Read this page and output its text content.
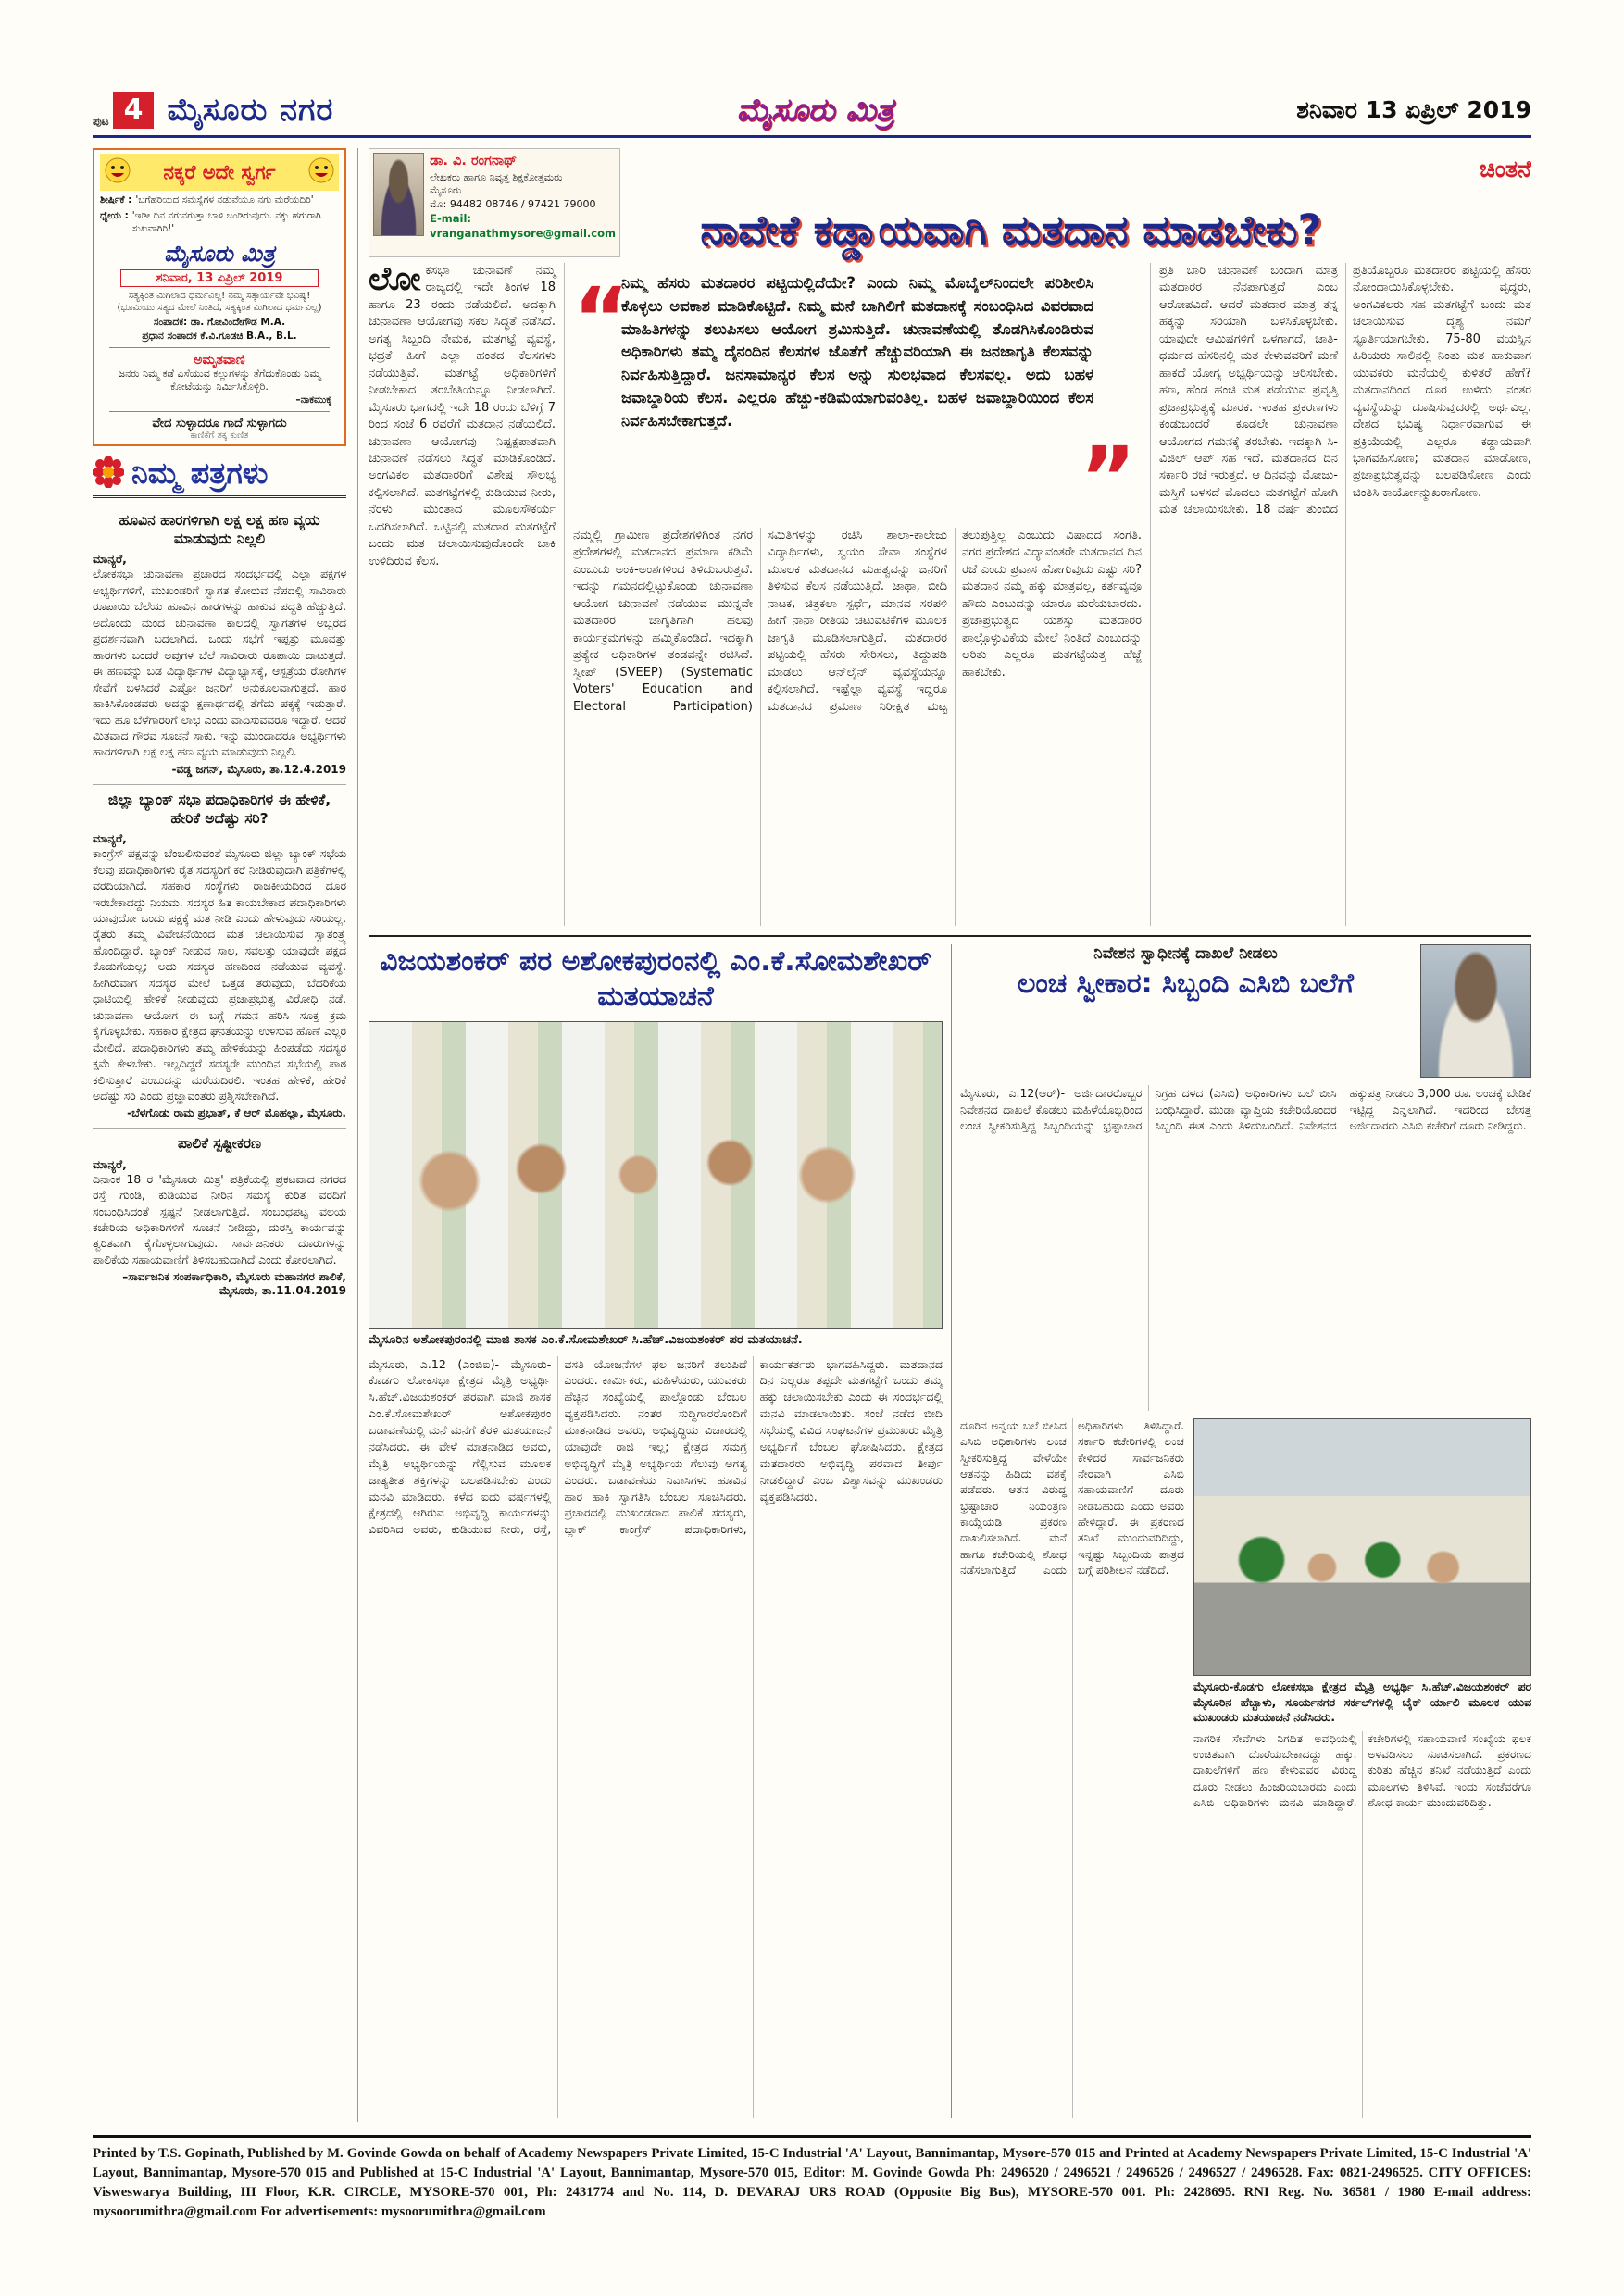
ಪುಟ 4 ಮೈಸೂರು ನಗರ	ಮೈಸೂರು ಮಿತ್ರ	ಶನಿವಾರ 13 ಏಪ್ರಿಲ್ 2019
ನಕ್ಕರೆ ಅದೇ ಸ್ವರ್ಗ
ಶೀರ್ಷಿಕೆ : 'ಬಗೆಹರಿಯದ ಸಮಸ್ಯೆಗಳ ನಡುವೆಯೂ ನಗು ಮರೆಯದಿರಿ'
ಧ್ಯೇಯ : 'ಇಡೀ ದಿನ ನಗುನಗುತ್ತಾ ಬಾಳಿ ಬಂಡಿರುವುದು. ನಕ್ಕು ಹಗುರಾಗಿ ಸುಖವಾಗಿರಿ!'
ಮೈಸೂರು ಮಿತ್ರ
ಶನಿವಾರ, 13 ಏಪ್ರಿಲ್ 2019
ಸತ್ಯಕ್ಕಿಂತ ಮಿಗಿಲಾದ ಧರ್ಮವಿಲ್ಲ! ನಮ್ಮ ಸತ್ಕಾರ್ಯವೇ ಭವಿಷ್ಯ!
(ಭೂಮಿಯು ಸತ್ಯದ ಮೇಲೆ ನಿಂತಿದೆ, ಸತ್ಯಕ್ಕಿಂತ ಮಿಗಿಲಾದ ಧರ್ಮವಿಲ್ಲ)
ಸಂಪಾದಕ: ಡಾ. ಗೋವಿಂದೇಗೌಡ M.A.
ಪ್ರಧಾನ ಸಂಪಾದಕ ಕೆ.ವಿ.ಗೂಡಚಿ B.A., B.L.
ಅಮೃತವಾಣಿ
ಜನರು ನಿಮ್ಮ ಕಡೆ ಎಸೆಯುವ ಕಲ್ಲುಗಳನ್ನು ತೆಗೆದುಕೊಂಡು ನಿಮ್ಮ ಕೋಟೆಯನ್ನು ನಿರ್ಮಿಸಿಕೊಳ್ಳಿರಿ.
–ನಾಕಮುಕ್ಕ
ವೇದ ಸುಳ್ಳಾದರೂ ಗಾದೆ ಸುಳ್ಳಾಗದು
ಕಾಣಿಕೆಗೆ ತಕ್ಕ ಕುಣಿತ
ನಿಮ್ಮ ಪತ್ರಗಳು
ಹೂವಿನ ಹಾರಗಳಿಗಾಗಿ ಲಕ್ಷ ಲಕ್ಷ ಹಣ ವ್ಯಯ ಮಾಡುವುದು ನಿಲ್ಲಲಿ
ಮಾನ್ಯರೆ,
ಲೋಕಸಭಾ ಚುನಾವಣಾ ಪ್ರಚಾರದ ಸಂದರ್ಭದಲ್ಲಿ ಎಲ್ಲಾ ಪಕ್ಷಗಳ ಅಭ್ಯರ್ಥಿಗಳಿಗೆ, ಮುಖಂಡರಿಗೆ ಸ್ವಾಗತ ಕೋರುವ ನೆಪದಲ್ಲಿ ಸಾವಿರಾರು ರೂಪಾಯಿ ಬೆಲೆಯ ಹೂವಿನ ಹಾರಗಳನ್ನು ಹಾಕುವ ಪದ್ಧತಿ ಹೆಚ್ಚುತ್ತಿದೆ. ಅದೊಂದು ಮಂದ ಚುನಾವಣಾ ಕಾಲದಲ್ಲಿ ಸ್ವಾಗತಗಳ ಅಬ್ಬರದ ಪ್ರದರ್ಶನವಾಗಿ ಬದಲಾಗಿದೆ. ಒಂದು ಸಭೆಗೆ ಇಪ್ಪತ್ತು ಮೂವತ್ತು ಹಾರಗಳು ಬಂದರೆ ಅವುಗಳ ಬೆಲೆ ಸಾವಿರಾರು ರೂಪಾಯಿ ದಾಟುತ್ತದೆ. ಈ ಹಣವನ್ನು ಬಡ ವಿದ್ಯಾರ್ಥಿಗಳ ವಿದ್ಯಾಭ್ಯಾಸಕ್ಕೆ, ಆಸ್ಪತ್ರೆಯ ರೋಗಿಗಳ ಸೇವೆಗೆ ಬಳಸಿದರೆ ಎಷ್ಟೋ ಜನರಿಗೆ ಅನುಕೂಲವಾಗುತ್ತದೆ. ಹಾರ ಹಾಕಿಸಿಕೊಂಡವರು ಅದನ್ನು ಕ್ಷಣಾರ್ಧದಲ್ಲಿ ತೆಗೆದು ಪಕ್ಕಕ್ಕೆ ಇಡುತ್ತಾರೆ. ಇದು ಹೂ ಬೆಳೆಗಾರರಿಗೆ ಲಾಭ ಎಂದು ವಾದಿಸುವವರೂ ಇದ್ದಾರೆ. ಆದರೆ ಮಿತವಾದ ಗೌರವ ಸೂಚನೆ ಸಾಕು. ಇನ್ನು ಮುಂದಾದರೂ ಅಭ್ಯರ್ಥಿಗಳು ಹಾರಗಳಿಗಾಗಿ ಲಕ್ಷ ಲಕ್ಷ ಹಣ ವ್ಯಯ ಮಾಡುವುದು ನಿಲ್ಲಲಿ.
-ವಡ್ಡ ಜಗನ್, ಮೈಸೂರು, ತಾ.12.4.2019
ಜಿಲ್ಲಾ ಬ್ಯಾಂಕ್ ಸಭಾ ಪದಾಧಿಕಾರಿಗಳ ಈ ಹೇಳಿಕೆ, ಹೇರಿಕೆ ಅದೆಷ್ಟು ಸರಿ?
ಮಾನ್ಯರೆ,
ಕಾಂಗ್ರೆಸ್ ಪಕ್ಷವನ್ನು ಬೆಂಬಲಿಸುವಂತೆ ಮೈಸೂರು ಜಿಲ್ಲಾ ಬ್ಯಾಂಕ್ ಸಭೆಯ ಕೆಲವು ಪದಾಧಿಕಾರಿಗಳು ರೈತ ಸದಸ್ಯರಿಗೆ ಕರೆ ನೀಡಿರುವುದಾಗಿ ಪತ್ರಿಕೆಗಳಲ್ಲಿ ವರದಿಯಾಗಿದೆ. ಸಹಕಾರ ಸಂಸ್ಥೆಗಳು ರಾಜಕೀಯದಿಂದ ದೂರ ಇರಬೇಕಾದದ್ದು ನಿಯಮ. ಸದಸ್ಯರ ಹಿತ ಕಾಯಬೇಕಾದ ಪದಾಧಿಕಾರಿಗಳು ಯಾವುದೋ ಒಂದು ಪಕ್ಷಕ್ಕೆ ಮತ ನೀಡಿ ಎಂದು ಹೇಳುವುದು ಸರಿಯಲ್ಲ. ರೈತರು ತಮ್ಮ ವಿವೇಚನೆಯಿಂದ ಮತ ಚಲಾಯಿಸುವ ಸ್ವಾತಂತ್ರ್ಯ ಹೊಂದಿದ್ದಾರೆ. ಬ್ಯಾಂಕ್ ನೀಡುವ ಸಾಲ, ಸವಲತ್ತು ಯಾವುದೇ ಪಕ್ಷದ ಕೊಡುಗೆಯಲ್ಲ; ಅದು ಸದಸ್ಯರ ಹಣದಿಂದ ನಡೆಯುವ ವ್ಯವಸ್ಥೆ. ಹೀಗಿರುವಾಗ ಸದಸ್ಯರ ಮೇಲೆ ಒತ್ತಡ ತರುವುದು, ಬೆದರಿಕೆಯ ಧಾಟಿಯಲ್ಲಿ ಹೇಳಿಕೆ ನೀಡುವುದು ಪ್ರಜಾಪ್ರಭುತ್ವ ವಿರೋಧಿ ನಡೆ. ಚುನಾವಣಾ ಆಯೋಗ ಈ ಬಗ್ಗೆ ಗಮನ ಹರಿಸಿ ಸೂಕ್ತ ಕ್ರಮ ಕೈಗೊಳ್ಳಬೇಕು. ಸಹಕಾರ ಕ್ಷೇತ್ರದ ಘನತೆಯನ್ನು ಉಳಿಸುವ ಹೊಣೆ ಎಲ್ಲರ ಮೇಲಿದೆ. ಪದಾಧಿಕಾರಿಗಳು ತಮ್ಮ ಹೇಳಿಕೆಯನ್ನು ಹಿಂಪಡೆದು ಸದಸ್ಯರ ಕ್ಷಮೆ ಕೇಳಬೇಕು. ಇಲ್ಲದಿದ್ದರೆ ಸದಸ್ಯರೇ ಮುಂದಿನ ಸಭೆಯಲ್ಲಿ ಪಾಠ ಕಲಿಸುತ್ತಾರೆ ಎಂಬುದನ್ನು ಮರೆಯದಿರಲಿ. ಇಂತಹ ಹೇಳಿಕೆ, ಹೇರಿಕೆ ಅದೆಷ್ಟು ಸರಿ ಎಂದು ಪ್ರಜ್ಞಾವಂತರು ಪ್ರಶ್ನಿಸಬೇಕಾಗಿದೆ.
-ಬೆಳಗೊಡು ರಾಮ ಪ್ರಭಾತ್, ಕೆ ಆರ್ ಮೊಹಲ್ಲಾ, ಮೈಸೂರು.
ಪಾಲಿಕೆ ಸ್ಪಷ್ಟೀಕರಣ
ಮಾನ್ಯರೆ,
ದಿನಾಂಕ 18 ರ 'ಮೈಸೂರು ಮಿತ್ರ' ಪತ್ರಿಕೆಯಲ್ಲಿ ಪ್ರಕಟವಾದ ನಗರದ ರಸ್ತೆ ಗುಂಡಿ, ಕುಡಿಯುವ ನೀರಿನ ಸಮಸ್ಯೆ ಕುರಿತ ವರದಿಗೆ ಸಂಬಂಧಿಸಿದಂತೆ ಸ್ಪಷ್ಟನೆ ನೀಡಲಾಗುತ್ತಿದೆ. ಸಂಬಂಧಪಟ್ಟ ವಲಯ ಕಚೇರಿಯ ಅಧಿಕಾರಿಗಳಿಗೆ ಸೂಚನೆ ನೀಡಿದ್ದು, ದುರಸ್ತಿ ಕಾರ್ಯವನ್ನು ತ್ವರಿತವಾಗಿ ಕೈಗೊಳ್ಳಲಾಗುವುದು. ಸಾರ್ವಜನಿಕರು ದೂರುಗಳನ್ನು ಪಾಲಿಕೆಯ ಸಹಾಯವಾಣಿಗೆ ತಿಳಿಸಬಹುದಾಗಿದೆ ಎಂದು ಕೋರಲಾಗಿದೆ.
–ಸಾರ್ವಜನಿಕ ಸಂಪರ್ಕಾಧಿಕಾರಿ, ಮೈಸೂರು ಮಹಾನಗರ ಪಾಲಿಕೆ, ಮೈಸೂರು, ತಾ.11.04.2019
ಡಾ. ವಿ. ರಂಗನಾಥ್
ಲೇಖಕರು ಹಾಗೂ ನಿವೃತ್ತ ಶಿಕ್ಷಕೋತ್ತಮರು
ಮೈಸೂರು
ಮೊ: 94482 08746 / 97421 79000
E-mail: vranganathmysore@gmail.com ನಾವೇಕೆ ಕಡ್ಡಾಯವಾಗಿ ಮತದಾನ ಮಾಡಬೇಕು?
ಚಿಂತನೆ
ಲೋಕಸಭಾ ಚುನಾವಣೆ ನಮ್ಮ ರಾಜ್ಯದಲ್ಲಿ ಇದೇ ತಿಂಗಳ 18 ಹಾಗೂ 23 ರಂದು ನಡೆಯಲಿದೆ. ಅದಕ್ಕಾಗಿ ಚುನಾವಣಾ ಆಯೋಗವು ಸಕಲ ಸಿದ್ಧತೆ ನಡೆಸಿದೆ. ಅಗತ್ಯ ಸಿಬ್ಬಂದಿ ನೇಮಕ, ಮತಗಟ್ಟೆ ವ್ಯವಸ್ಥೆ, ಭದ್ರತೆ ಹೀಗೆ ಎಲ್ಲಾ ಹಂತದ ಕೆಲಸಗಳು ನಡೆಯುತ್ತಿವೆ. ಮತಗಟ್ಟೆ ಅಧಿಕಾರಿಗಳಿಗೆ ನೀಡಬೇಕಾದ ತರಬೇತಿಯನ್ನೂ ನೀಡಲಾಗಿದೆ. ಮೈಸೂರು ಭಾಗದಲ್ಲಿ ಇದೇ 18 ರಂದು ಬೆಳಿಗ್ಗೆ 7 ರಿಂದ ಸಂಜೆ 6 ರವರೆಗೆ ಮತದಾನ ನಡೆಯಲಿದೆ. ಚುನಾವಣಾ ಆಯೋಗವು ನಿಷ್ಪಕ್ಷಪಾತವಾಗಿ ಚುನಾವಣೆ ನಡೆಸಲು ಸಿದ್ಧತೆ ಮಾಡಿಕೊಂಡಿದೆ. ಅಂಗವಿಕಲ ಮತದಾರರಿಗೆ ವಿಶೇಷ ಸೌಲಭ್ಯ ಕಲ್ಪಿಸಲಾಗಿದೆ. ಮತಗಟ್ಟೆಗಳಲ್ಲಿ ಕುಡಿಯುವ ನೀರು, ನೆರಳು ಮುಂತಾದ ಮೂಲಸೌಕರ್ಯ ಒದಗಿಸಲಾಗಿದೆ. ಒಟ್ಟಿನಲ್ಲಿ ಮತದಾರ ಮತಗಟ್ಟೆಗೆ ಬಂದು ಮತ ಚಲಾಯಿಸುವುದೊಂದೇ ಬಾಕಿ ಉಳಿದಿರುವ ಕೆಲಸ.
“ ನಿಮ್ಮ ಹೆಸರು ಮತದಾರರ ಪಟ್ಟಿಯಲ್ಲಿದೆಯೇ? ಎಂದು ನಿಮ್ಮ ಮೊಬೈಲ್‌ನಿಂದಲೇ ಪರಿಶೀಲಿಸಿ ಕೊಳ್ಳಲು ಅವಕಾಶ ಮಾಡಿಕೊಟ್ಟಿದೆ. ನಿಮ್ಮ ಮನೆ ಬಾಗಿಲಿಗೆ ಮತದಾನಕ್ಕೆ ಸಂಬಂಧಿಸಿದ ವಿವರವಾದ ಮಾಹಿತಿಗಳನ್ನು ತಲುಪಿಸಲು ಆಯೋಗ ಶ್ರಮಿಸುತ್ತಿದೆ. ಚುನಾವಣೆಯಲ್ಲಿ ತೊಡಗಿಸಿಕೊಂಡಿರುವ ಅಧಿಕಾರಿಗಳು ತಮ್ಮ ದೈನಂದಿನ ಕೆಲಸಗಳ ಜೊತೆಗೆ ಹೆಚ್ಚುವರಿಯಾಗಿ ಈ ಜನಜಾಗೃತಿ ಕೆಲಸವನ್ನು ನಿರ್ವಹಿಸುತ್ತಿದ್ದಾರೆ. ಜನಸಾಮಾನ್ಯರ ಕೆಲಸ ಅನ್ನು ಸುಲಭವಾದ ಕೆಲಸವಲ್ಲ. ಅದು ಬಹಳ ಜವಾಬ್ದಾರಿಯ ಕೆಲಸ. ಎಲ್ಲರೂ ಹೆಚ್ಚು-ಕಡಿಮೆಯಾಗುವಂತಿಲ್ಲ. ಬಹಳ ಜವಾಬ್ದಾರಿಯಿಂದ ಕೆಲಸ ನಿರ್ವಹಿಸಬೇಕಾಗುತ್ತದೆ. ”
ನಮ್ಮಲ್ಲಿ ಗ್ರಾಮೀಣ ಪ್ರದೇಶಗಳಿಗಿಂತ ನಗರ ಪ್ರದೇಶಗಳಲ್ಲಿ ಮತದಾನದ ಪ್ರಮಾಣ ಕಡಿಮೆ ಎಂಬುದು ಅಂಕಿ-ಅಂಶಗಳಿಂದ ತಿಳಿದುಬರುತ್ತದೆ. ಇದನ್ನು ಗಮನದಲ್ಲಿಟ್ಟುಕೊಂಡು ಚುನಾವಣಾ ಆಯೋಗ ಚುನಾವಣೆ ನಡೆಯುವ ಮುನ್ನವೇ ಮತದಾರರ ಜಾಗೃತಿಗಾಗಿ ಹಲವು ಕಾರ್ಯಕ್ರಮಗಳನ್ನು ಹಮ್ಮಿಕೊಂಡಿದೆ. ಇದಕ್ಕಾಗಿ ಪ್ರತ್ಯೇಕ ಅಧಿಕಾರಿಗಳ ತಂಡವನ್ನೇ ರಚಿಸಿದೆ. ಸ್ವೀಪ್ (SVEEP) (Systematic Voters' Education and Electoral Participation) ಸಮಿತಿಗಳನ್ನು ರಚಿಸಿ ಶಾಲಾ-ಕಾಲೇಜು ವಿದ್ಯಾರ್ಥಿಗಳು, ಸ್ವಯಂ ಸೇವಾ ಸಂಸ್ಥೆಗಳ ಮೂಲಕ ಮತದಾನದ ಮಹತ್ವವನ್ನು ಜನರಿಗೆ ತಿಳಿಸುವ ಕೆಲಸ ನಡೆಯುತ್ತಿದೆ. ಜಾಥಾ, ಬೀದಿ ನಾಟಕ, ಚಿತ್ರಕಲಾ ಸ್ಪರ್ಧೆ, ಮಾನವ ಸರಪಳಿ ಹೀಗೆ ನಾನಾ ರೀತಿಯ ಚಟುವಟಿಕೆಗಳ ಮೂಲಕ ಜಾಗೃತಿ ಮೂಡಿಸಲಾಗುತ್ತಿದೆ. ಮತದಾರರ ಪಟ್ಟಿಯಲ್ಲಿ ಹೆಸರು ಸೇರಿಸಲು, ತಿದ್ದುಪಡಿ ಮಾಡಲು ಆನ್‌ಲೈನ್ ವ್ಯವಸ್ಥೆಯನ್ನೂ ಕಲ್ಪಿಸಲಾಗಿದೆ. ಇಷ್ಟೆಲ್ಲಾ ವ್ಯವಸ್ಥೆ ಇದ್ದರೂ ಮತದಾನದ ಪ್ರಮಾಣ ನಿರೀಕ್ಷಿತ ಮಟ್ಟ ತಲುಪುತ್ತಿಲ್ಲ ಎಂಬುದು ವಿಷಾದದ ಸಂಗತಿ. ನಗರ ಪ್ರದೇಶದ ವಿದ್ಯಾವಂತರೇ ಮತದಾನದ ದಿನ ರಜೆ ಎಂದು ಪ್ರವಾಸ ಹೋಗುವುದು ಎಷ್ಟು ಸರಿ? ಮತದಾನ ನಮ್ಮ ಹಕ್ಕು ಮಾತ್ರವಲ್ಲ, ಕರ್ತವ್ಯವೂ ಹೌದು ಎಂಬುದನ್ನು ಯಾರೂ ಮರೆಯಬಾರದು. ಪ್ರಜಾಪ್ರಭುತ್ವದ ಯಶಸ್ಸು ಮತದಾರರ ಪಾಲ್ಗೊಳ್ಳುವಿಕೆಯ ಮೇಲೆ ನಿಂತಿದೆ ಎಂಬುದನ್ನು ಅರಿತು ಎಲ್ಲರೂ ಮತಗಟ್ಟೆಯತ್ತ ಹೆಜ್ಜೆ ಹಾಕಬೇಕು.
ಪ್ರತಿ ಬಾರಿ ಚುನಾವಣೆ ಬಂದಾಗ ಮಾತ್ರ ಮತದಾರರ ನೆನಪಾಗುತ್ತದೆ ಎಂಬ ಆರೋಪವಿದೆ. ಆದರೆ ಮತದಾರ ಮಾತ್ರ ತನ್ನ ಹಕ್ಕನ್ನು ಸರಿಯಾಗಿ ಬಳಸಿಕೊಳ್ಳಬೇಕು. ಯಾವುದೇ ಆಮಿಷಗಳಿಗೆ ಒಳಗಾಗದೆ, ಜಾತಿ-ಧರ್ಮದ ಹೆಸರಿನಲ್ಲಿ ಮತ ಕೇಳುವವರಿಗೆ ಮಣೆ ಹಾಕದೆ ಯೋಗ್ಯ ಅಭ್ಯರ್ಥಿಯನ್ನು ಆರಿಸಬೇಕು. ಹಣ, ಹೆಂಡ ಹಂಚಿ ಮತ ಪಡೆಯುವ ಪ್ರವೃತ್ತಿ ಪ್ರಜಾಪ್ರಭುತ್ವಕ್ಕೆ ಮಾರಕ. ಇಂತಹ ಪ್ರಕರಣಗಳು ಕಂಡುಬಂದರೆ ಕೂಡಲೇ ಚುನಾವಣಾ ಆಯೋಗದ ಗಮನಕ್ಕೆ ತರಬೇಕು. ಇದಕ್ಕಾಗಿ ಸಿ-ವಿಜಿಲ್ ಆಪ್ ಸಹ ಇದೆ. ಮತದಾನದ ದಿನ ಸರ್ಕಾರಿ ರಜೆ ಇರುತ್ತದೆ. ಆ ದಿನವನ್ನು ಮೋಜು-ಮಸ್ತಿಗೆ ಬಳಸದೆ ಮೊದಲು ಮತಗಟ್ಟೆಗೆ ಹೋಗಿ ಮತ ಚಲಾಯಿಸಬೇಕು. 18 ವರ್ಷ ತುಂಬಿದ ಪ್ರತಿಯೊಬ್ಬರೂ ಮತದಾರರ ಪಟ್ಟಿಯಲ್ಲಿ ಹೆಸರು ನೋಂದಾಯಿಸಿಕೊಳ್ಳಬೇಕು. ವೃದ್ಧರು, ಅಂಗವಿಕಲರು ಸಹ ಮತಗಟ್ಟೆಗೆ ಬಂದು ಮತ ಚಲಾಯಿಸುವ ದೃಶ್ಯ ನಮಗೆ ಸ್ಫೂರ್ತಿಯಾಗಬೇಕು. 75-80 ವಯಸ್ಸಿನ ಹಿರಿಯರು ಸಾಲಿನಲ್ಲಿ ನಿಂತು ಮತ ಹಾಕುವಾಗ ಯುವಕರು ಮನೆಯಲ್ಲಿ ಕುಳಿತರೆ ಹೇಗೆ? ಮತದಾನದಿಂದ ದೂರ ಉಳಿದು ನಂತರ ವ್ಯವಸ್ಥೆಯನ್ನು ದೂಷಿಸುವುದರಲ್ಲಿ ಅರ್ಥವಿಲ್ಲ. ದೇಶದ ಭವಿಷ್ಯ ನಿರ್ಧಾರವಾಗುವ ಈ ಪ್ರಕ್ರಿಯೆಯಲ್ಲಿ ಎಲ್ಲರೂ ಕಡ್ಡಾಯವಾಗಿ ಭಾಗವಹಿಸೋಣ; ಮತದಾನ ಮಾಡೋಣ, ಪ್ರಜಾಪ್ರಭುತ್ವವನ್ನು ಬಲಪಡಿಸೋಣ ಎಂದು ಚಿಂತಿಸಿ ಕಾರ್ಯೋನ್ಮುಖರಾಗೋಣ.
ವಿಜಯಶಂಕರ್ ಪರ ಅಶೋಕಪುರಂನಲ್ಲಿ ಎಂ.ಕೆ.ಸೋಮಶೇಖರ್ ಮತಯಾಚನೆ
ಮೈಸೂರಿನ ಅಶೋಕಪುರಂನಲ್ಲಿ ಮಾಜಿ ಶಾಸಕ ಎಂ.ಕೆ.ಸೋಮಶೇಖರ್ ಸಿ.ಹೆಚ್.ವಿಜಯಶಂಕರ್ ಪರ ಮತಯಾಚನೆ.
ಮೈಸೂರು, ಎ.12 (ಎಂಬಿಐ)- ಮೈಸೂರು-ಕೊಡಗು ಲೋಕಸಭಾ ಕ್ಷೇತ್ರದ ಮೈತ್ರಿ ಅಭ್ಯರ್ಥಿ ಸಿ.ಹೆಚ್.ವಿಜಯಶಂಕರ್ ಪರವಾಗಿ ಮಾಜಿ ಶಾಸಕ ಎಂ.ಕೆ.ಸೋಮಶೇಖರ್ ಅಶೋಕಪುರಂ ಬಡಾವಣೆಯಲ್ಲಿ ಮನೆ ಮನೆಗೆ ತೆರಳಿ ಮತಯಾಚನೆ ನಡೆಸಿದರು. ಈ ವೇಳೆ ಮಾತನಾಡಿದ ಅವರು, ಮೈತ್ರಿ ಅಭ್ಯರ್ಥಿಯನ್ನು ಗೆಲ್ಲಿಸುವ ಮೂಲಕ ಜಾತ್ಯತೀತ ಶಕ್ತಿಗಳನ್ನು ಬಲಪಡಿಸಬೇಕು ಎಂದು ಮನವಿ ಮಾಡಿದರು. ಕಳೆದ ಐದು ವರ್ಷಗಳಲ್ಲಿ ಕ್ಷೇತ್ರದಲ್ಲಿ ಆಗಿರುವ ಅಭಿವೃದ್ಧಿ ಕಾರ್ಯಗಳನ್ನು ವಿವರಿಸಿದ ಅವರು, ಕುಡಿಯುವ ನೀರು, ರಸ್ತೆ, ವಸತಿ ಯೋಜನೆಗಳ ಫಲ ಜನರಿಗೆ ತಲುಪಿದೆ ಎಂದರು. ಕಾರ್ಮಿಕರು, ಮಹಿಳೆಯರು, ಯುವಕರು ಹೆಚ್ಚಿನ ಸಂಖ್ಯೆಯಲ್ಲಿ ಪಾಲ್ಗೊಂಡು ಬೆಂಬಲ ವ್ಯಕ್ತಪಡಿಸಿದರು. ನಂತರ ಸುದ್ದಿಗಾರರೊಂದಿಗೆ ಮಾತನಾಡಿದ ಅವರು, ಅಭಿವೃದ್ಧಿಯ ವಿಚಾರದಲ್ಲಿ ಯಾವುದೇ ರಾಜಿ ಇಲ್ಲ; ಕ್ಷೇತ್ರದ ಸಮಗ್ರ ಅಭಿವೃದ್ಧಿಗೆ ಮೈತ್ರಿ ಅಭ್ಯರ್ಥಿಯ ಗೆಲುವು ಅಗತ್ಯ ಎಂದರು. ಬಡಾವಣೆಯ ನಿವಾಸಿಗಳು ಹೂವಿನ ಹಾರ ಹಾಕಿ ಸ್ವಾಗತಿಸಿ ಬೆಂಬಲ ಸೂಚಿಸಿದರು. ಪ್ರಚಾರದಲ್ಲಿ ಮುಖಂಡರಾದ ಪಾಲಿಕೆ ಸದಸ್ಯರು, ಬ್ಲಾಕ್ ಕಾಂಗ್ರೆಸ್ ಪದಾಧಿಕಾರಿಗಳು, ಕಾರ್ಯಕರ್ತರು ಭಾಗವಹಿಸಿದ್ದರು. ಮತದಾನದ ದಿನ ಎಲ್ಲರೂ ತಪ್ಪದೇ ಮತಗಟ್ಟೆಗೆ ಬಂದು ತಮ್ಮ ಹಕ್ಕು ಚಲಾಯಿಸಬೇಕು ಎಂದು ಈ ಸಂದರ್ಭದಲ್ಲಿ ಮನವಿ ಮಾಡಲಾಯಿತು. ಸಂಜೆ ನಡೆದ ಬೀದಿ ಸಭೆಯಲ್ಲಿ ವಿವಿಧ ಸಂಘಟನೆಗಳ ಪ್ರಮುಖರು ಮೈತ್ರಿ ಅಭ್ಯರ್ಥಿಗೆ ಬೆಂಬಲ ಘೋಷಿಸಿದರು. ಕ್ಷೇತ್ರದ ಮತದಾರರು ಅಭಿವೃದ್ಧಿ ಪರವಾದ ತೀರ್ಪು ನೀಡಲಿದ್ದಾರೆ ಎಂಬ ವಿಶ್ವಾಸವನ್ನು ಮುಖಂಡರು ವ್ಯಕ್ತಪಡಿಸಿದರು.
ನಿವೇಶನ ಸ್ವಾಧೀನಕ್ಕೆ ದಾಖಲೆ ನೀಡಲು
ಲಂಚ ಸ್ವೀಕಾರ: ಸಿಬ್ಬಂದಿ ಎಸಿಬಿ ಬಲೆಗೆ
ಮೈಸೂರು, ಎ.12(ಆರ್)- ಅರ್ಜಿದಾರರೊಬ್ಬರ ನಿವೇಶನದ ದಾಖಲೆ ಕೊಡಲು ಮಹಿಳೆಯೊಬ್ಬರಿಂದ ಲಂಚ ಸ್ವೀಕರಿಸುತ್ತಿದ್ದ ಸಿಬ್ಬಂದಿಯನ್ನು ಭ್ರಷ್ಟಾಚಾರ ನಿಗ್ರಹ ದಳದ (ಎಸಿಬಿ) ಅಧಿಕಾರಿಗಳು ಬಲೆ ಬೀಸಿ ಬಂಧಿಸಿದ್ದಾರೆ. ಮುಡಾ ವ್ಯಾಪ್ತಿಯ ಕಚೇರಿಯೊಂದರ ಸಿಬ್ಬಂದಿ ಈತ ಎಂದು ತಿಳಿದುಬಂದಿದೆ. ನಿವೇಶನದ ಹಕ್ಕುಪತ್ರ ನೀಡಲು 3,000 ರೂ. ಲಂಚಕ್ಕೆ ಬೇಡಿಕೆ ಇಟ್ಟಿದ್ದ ಎನ್ನಲಾಗಿದೆ. ಇದರಿಂದ ಬೇಸತ್ತ ಅರ್ಜಿದಾರರು ಎಸಿಬಿ ಕಚೇರಿಗೆ ದೂರು ನೀಡಿದ್ದರು.
ದೂರಿನ ಅನ್ವಯ ಬಲೆ ಬೀಸಿದ ಎಸಿಬಿ ಅಧಿಕಾರಿಗಳು ಲಂಚ ಸ್ವೀಕರಿಸುತ್ತಿದ್ದ ವೇಳೆಯೇ ಆತನನ್ನು ಹಿಡಿದು ವಶಕ್ಕೆ ಪಡೆದರು. ಆತನ ವಿರುದ್ಧ ಭ್ರಷ್ಟಾಚಾರ ನಿಯಂತ್ರಣ ಕಾಯ್ದೆಯಡಿ ಪ್ರಕರಣ ದಾಖಲಿಸಲಾಗಿದೆ. ಮನೆ ಹಾಗೂ ಕಚೇರಿಯಲ್ಲಿ ಶೋಧ ನಡೆಸಲಾಗುತ್ತಿದೆ ಎಂದು ಅಧಿಕಾರಿಗಳು ತಿಳಿಸಿದ್ದಾರೆ. ಸರ್ಕಾರಿ ಕಚೇರಿಗಳಲ್ಲಿ ಲಂಚ ಕೇಳಿದರೆ ಸಾರ್ವಜನಿಕರು ನೇರವಾಗಿ ಎಸಿಬಿ ಸಹಾಯವಾಣಿಗೆ ದೂರು ನೀಡಬಹುದು ಎಂದು ಅವರು ಹೇಳಿದ್ದಾರೆ. ಈ ಪ್ರಕರಣದ ತನಿಖೆ ಮುಂದುವರಿದಿದ್ದು, ಇನ್ನಷ್ಟು ಸಿಬ್ಬಂದಿಯ ಪಾತ್ರದ ಬಗ್ಗೆ ಪರಿಶೀಲನೆ ನಡೆದಿದೆ.
ಮೈಸೂರು-ಕೊಡಗು ಲೋಕಸಭಾ ಕ್ಷೇತ್ರದ ಮೈತ್ರಿ ಅಭ್ಯರ್ಥಿ ಸಿ.ಹೆಚ್.ವಿಜಯಶಂಕರ್ ಪರ ಮೈಸೂರಿನ ಹೆಬ್ಬಾಳು, ಸೂರ್ಯನಗರ ಸರ್ಕಲ್‌ಗಳಲ್ಲಿ ಬೈಕ್ ರ್ಯಾಲಿ ಮೂಲಕ ಯುವ ಮುಖಂಡರು ಮತಯಾಚನೆ ನಡೆಸಿದರು.
ನಾಗರಿಕ ಸೇವೆಗಳು ನಿಗದಿತ ಅವಧಿಯಲ್ಲಿ ಉಚಿತವಾಗಿ ದೊರೆಯಬೇಕಾದದ್ದು ಹಕ್ಕು. ದಾಖಲೆಗಳಿಗೆ ಹಣ ಕೇಳುವವರ ವಿರುದ್ಧ ದೂರು ನೀಡಲು ಹಿಂಜರಿಯಬಾರದು ಎಂದು ಎಸಿಬಿ ಅಧಿಕಾರಿಗಳು ಮನವಿ ಮಾಡಿದ್ದಾರೆ. ಕಚೇರಿಗಳಲ್ಲಿ ಸಹಾಯವಾಣಿ ಸಂಖ್ಯೆಯ ಫಲಕ ಅಳವಡಿಸಲು ಸೂಚಿಸಲಾಗಿದೆ. ಪ್ರಕರಣದ ಕುರಿತು ಹೆಚ್ಚಿನ ತನಿಖೆ ನಡೆಯುತ್ತಿದೆ ಎಂದು ಮೂಲಗಳು ತಿಳಿಸಿವೆ. ಇಂದು ಸಂಜೆವರೆಗೂ ಶೋಧ ಕಾರ್ಯ ಮುಂದುವರಿದಿತ್ತು.
Printed by T.S. Gopinath, Published by M. Govinde Gowda on behalf of Academy Newspapers Private Limited, 15-C Industrial 'A' Layout, Bannimantap, Mysore-570 015 and Printed at Academy Newspapers Private Limited, 15-C Industrial 'A' Layout, Bannimantap, Mysore-570 015 and Published at 15-C Industrial 'A' Layout, Bannimantap, Mysore-570 015, Editor: M. Govinde Gowda Ph: 2496520 / 2496521 / 2496526 / 2496527 / 2496528. Fax: 0821-2496525. CITY OFFICES: Visweswarya Building, III Floor, K.R. CIRCLE, MYSORE-570 001, Ph: 2431774 and No. 114, D. DEVARAJ URS ROAD (Opposite Big Bus), MYSORE-570 001. Ph: 2428695. RNI Reg. No. 36581 / 1980 E-mail address: mysoorumithra@gmail.com For advertisements: mysoorumithra@gmail.com
